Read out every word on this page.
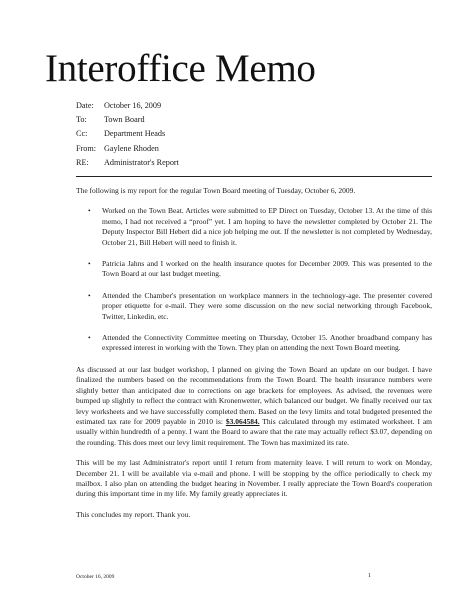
Interoffice Memo
Date:	October 16, 2009
To:	Town Board
Cc:	Department Heads
From: Gaylene Rhoden
RE:	Administrator's Report

The following is my report for the regular Town Board meeting of Tuesday, October 6, 2009.

• Worked on the Town Beat. Articles were submitted to EP Direct on Tuesday, October 13. At the time of this memo, I had not received a “proof” yet. I am hoping to have the newsletter completed by October 21. The Deputy Inspector Bill Hebert did a nice job helping me out. If the newsletter is not completed by Wednesday, October 21, Bill Hebert will need to finish it.
• Patricia Jahns and I worked on the health insurance quotes for December 2009. This was presented to the Town Board at our last budget meeting.
• Attended the Chamber's presentation on workplace manners in the technology-age. The presenter covered proper etiquette for e-mail. They were some discussion on the new social networking through Facebook, Twitter, Linkedin, etc.
• Attended the Connectivity Committee meeting on Thursday, October 15. Another broadband company has expressed interest in working with the Town. They plan on attending the next Town Board meeting.

As discussed at our last budget workshop, I planned on giving the Town Board an update on our budget. I have finalized the numbers based on the recommendations from the Town Board. The health insurance numbers were slightly better than anticipated due to corrections on age brackets for employees. As advised, the revenues were bumped up slightly to reflect the contract with Kronenwetter, which balanced our budget. We finally received our tax levy worksheets and we have successfully completed them. Based on the levy limits and total budgeted presented the estimated tax rate for 2009 payable in 2010 is: $3.064584. This calculated through my estimated worksheet. I am usually within hundredth of a penny. I want the Board to aware that the rate may actually reflect $3.07, depending on the rounding. This does meet our levy limit requirement. The Town has maximized its rate.

This will be my last Administrator's report until I return from maternity leave. I will return to work on Monday, December 21. I will be available via e-mail and phone. I will be stopping by the office periodically to check my mailbox. I also plan on attending the budget hearing in November. I really appreciate the Town Board's cooperation during this important time in my life. My family greatly appreciates it.

This concludes my report. Thank you.

October 16, 2009	1
